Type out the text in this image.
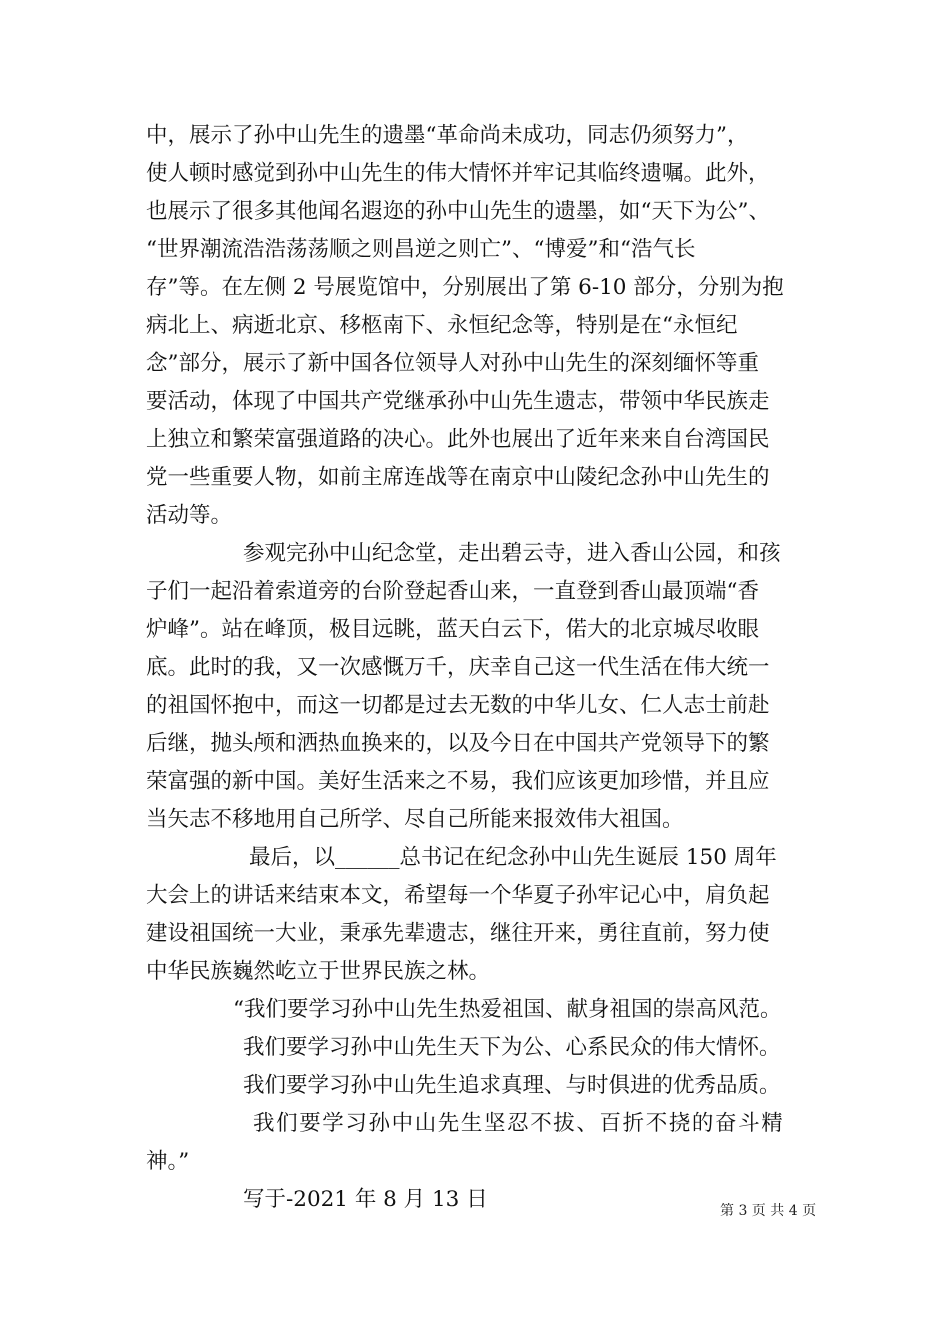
中，展示了孙中山先生的遗墨“革命尚未成功，同志仍须努力”，
使人顿时感觉到孙中山先生的伟大情怀并牢记其临终遗嘱。此外，
也展示了很多其他闻名遐迩的孙中山先生的遗墨，如“天下为公”、
“世界潮流浩浩荡荡顺之则昌逆之则亡”、“博爱”和“浩气长
存”等。在左侧 2 号展览馆中，分别展出了第 6-10 部分，分别为抱
病北上、病逝北京、移柩南下、永恒纪念等，特别是在“永恒纪
念”部分，展示了新中国各位领导人对孙中山先生的深刻缅怀等重
要活动，体现了中国共产党继承孙中山先生遗志，带领中华民族走
上独立和繁荣富强道路的决心。此外也展出了近年来来自台湾国民
党一些重要人物，如前主席连战等在南京中山陵纪念孙中山先生的
活动等。
参观完孙中山纪念堂，走出碧云寺，进入香山公园，和孩
子们一起沿着索道旁的台阶登起香山来，一直登到香山最顶端“香
炉峰”。站在峰顶，极目远眺，蓝天白云下，偌大的北京城尽收眼
底。此时的我，又一次感慨万千，庆幸自己这一代生活在伟大统一
的祖国怀抱中，而这一切都是过去无数的中华儿女、仁人志士前赴
后继，抛头颅和洒热血换来的，以及今日在中国共产党领导下的繁
荣富强的新中国。美好生活来之不易，我们应该更加珍惜，并且应
当矢志不移地用自己所学、尽自己所能来报效伟大祖国。
最后，以______总书记在纪念孙中山先生诞辰 150 周年
大会上的讲话来结束本文，希望每一个华夏子孙牢记心中，肩负起
建设祖国统一大业，秉承先辈遗志，继往开来，勇往直前，努力使
中华民族巍然屹立于世界民族之林。
“我们要学习孙中山先生热爱祖国、献身祖国的崇高风范。
我们要学习孙中山先生天下为公、心系民众的伟大情怀。
我们要学习孙中山先生追求真理、与时俱进的优秀品质。
我们要学习孙中山先生坚忍不拔、百折不挠的奋斗精
神。”
写于-2021 年 8 月 13 日	第 3 页 共 4 页
